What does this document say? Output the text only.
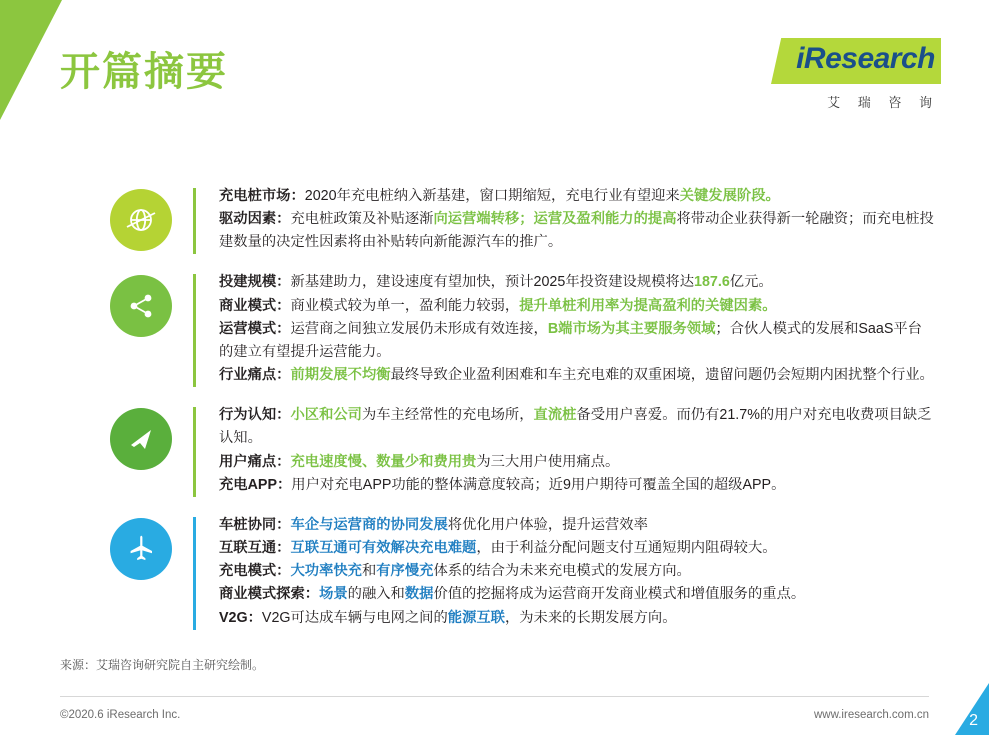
开篇摘要	iResearch
艾 瑞 咨 询
充电桩市场：2020年充电桩纳入新基建，窗口期缩短，充电行业有望迎来关键发展阶段。
驱动因素：充电桩政策及补贴逐渐向运营端转移；运营及盈利能力的提高将带动企业获得新一轮融资；而充电桩投建数量的决定性因素将由补贴转向新能源汽车的推广。
投建规模：新基建助力，建设速度有望加快，预计2025年投资建设规模将达187.6亿元。
商业模式：商业模式较为单一，盈利能力较弱，提升单桩利用率为提高盈利的关键因素。
运营模式：运营商之间独立发展仍未形成有效连接，B端市场为其主要服务领域；合伙人模式的发展和SaaS平台的建立有望提升运营能力。
行业痛点：前期发展不均衡最终导致企业盈利困难和车主充电难的双重困境，遗留问题仍会短期内困扰整个行业。
行为认知：小区和公司为车主经常性的充电场所，直流桩备受用户喜爱。而仍有21.7%的用户对充电收费项目缺乏认知。
用户痛点：充电速度慢、数量少和费用贵为三大用户使用痛点。
充电APP：用户对充电APP功能的整体满意度较高；近9用户期待可覆盖全国的超级APP。
车桩协同：车企与运营商的协同发展将优化用户体验，提升运营效率
互联互通：互联互通可有效解决充电难题，由于利益分配问题支付互通短期内阻碍较大。
充电模式：大功率快充和有序慢充体系的结合为未来充电模式的发展方向。
商业模式探索：场景的融入和数据价值的挖掘将成为运营商开发商业模式和增值服务的重点。
V2G：V2G可达成车辆与电网之间的能源互联，为未来的长期发展方向。
来源：艾瑞咨询研究院自主研究绘制。
©2020.6 iResearch Inc.	www.iresearch.com.cn	2
